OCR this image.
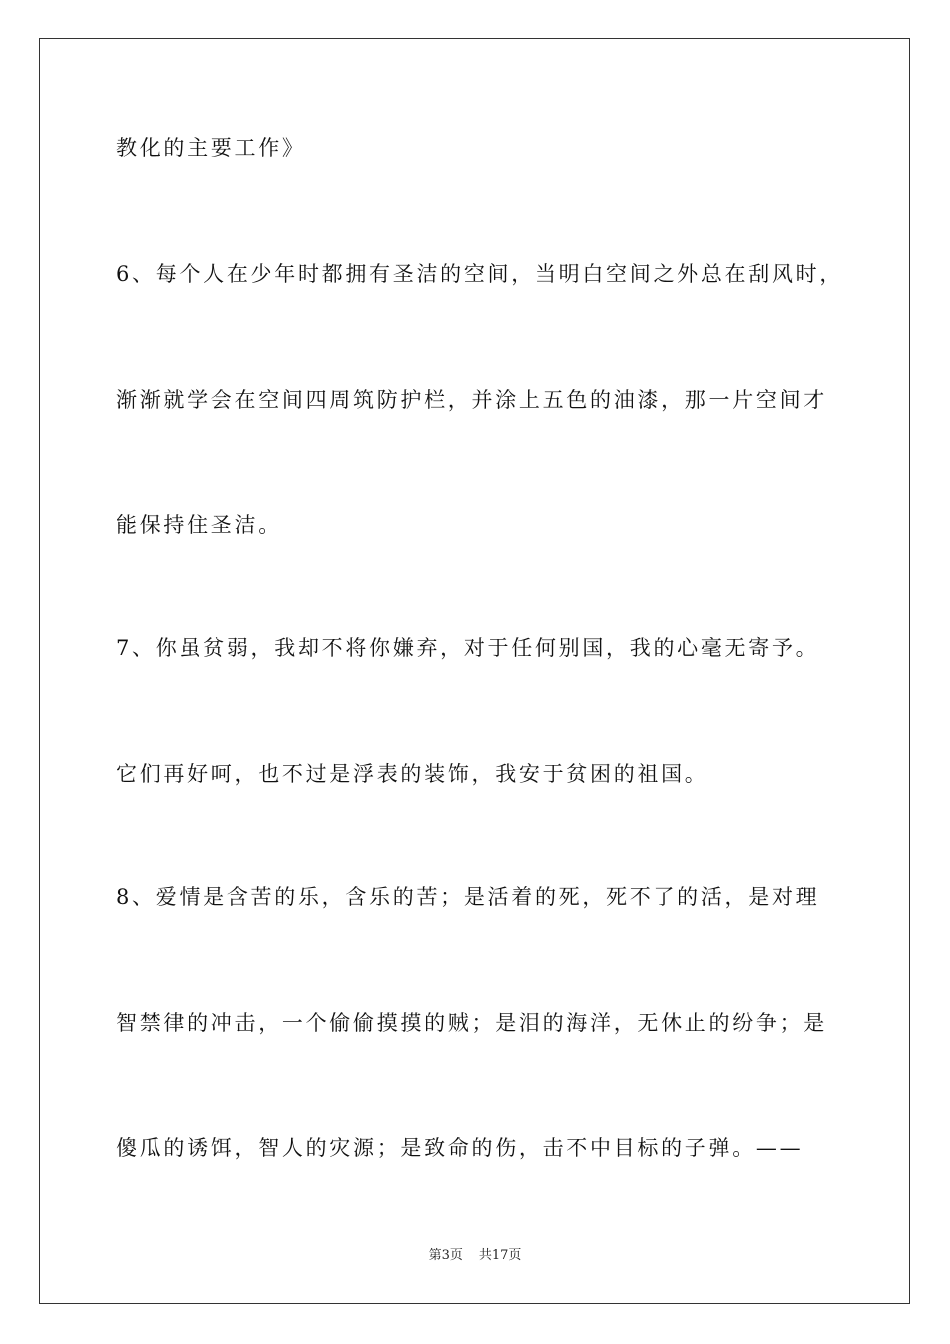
教化的主要工作》
6、每个人在少年时都拥有圣洁的空间，当明白空间之外总在刮风时，
渐渐就学会在空间四周筑防护栏，并涂上五色的油漆，那一片空间才
能保持住圣洁。
7、你虽贫弱，我却不将你嫌弃，对于任何别国，我的心毫无寄予。
它们再好呵，也不过是浮表的装饰，我安于贫困的祖国。
8、爱情是含苦的乐，含乐的苦；是活着的死，死不了的活，是对理
智禁律的冲击，一个偷偷摸摸的贼；是泪的海洋，无休止的纷争；是
傻瓜的诱饵，智人的灾源；是致命的伤，击不中目标的子弹。——
第3页 共17页
